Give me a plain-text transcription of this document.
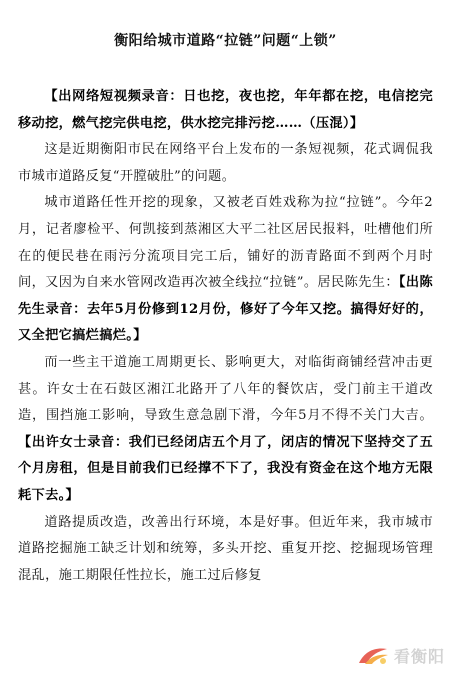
衡阳给城市道路“拉链”问题“上锁”

【出网络短视频录音：日也挖，夜也挖，年年都在挖，电信挖完移动挖，燃气挖完供电挖，供水挖完排污挖……（压混）】

这是近期衡阳市民在网络平台上发布的一条短视频，花式调侃我市城市道路反复“开膛破肚”的问题。

城市道路任性开挖的现象，又被老百姓戏称为拉“拉链”。今年2月，记者廖检平、何凯接到蒸湘区大平二社区居民报料，吐槽他们所在的便民巷在雨污分流项目完工后，铺好的沥青路面不到两个月时间，又因为自来水管网改造再次被全线拉“拉链”。居民陈先生：【出陈先生录音：去年5月份修到12月份，修好了今年又挖。搞得好好的，又全把它搞烂搞烂。】

而一些主干道施工周期更长、影响更大，对临街商铺经营冲击更甚。许女士在石鼓区湘江北路开了八年的餐饮店，受门前主干道改造，围挡施工影响，导致生意急剧下滑，今年5月不得不关门大吉。【出许女士录音：我们已经闭店五个月了，闭店的情况下坚持交了五个月房租，但是目前我们已经撑不下了，我没有资金在这个地方无限耗下去。】

道路提质改造，改善出行环境，本是好事。但近年来，我市城市道路挖掘施工缺乏计划和统筹，多头开挖、重复开挖、挖掘现场管理混乱，施工期限任性拉长，施工过后修复

看衡阳
